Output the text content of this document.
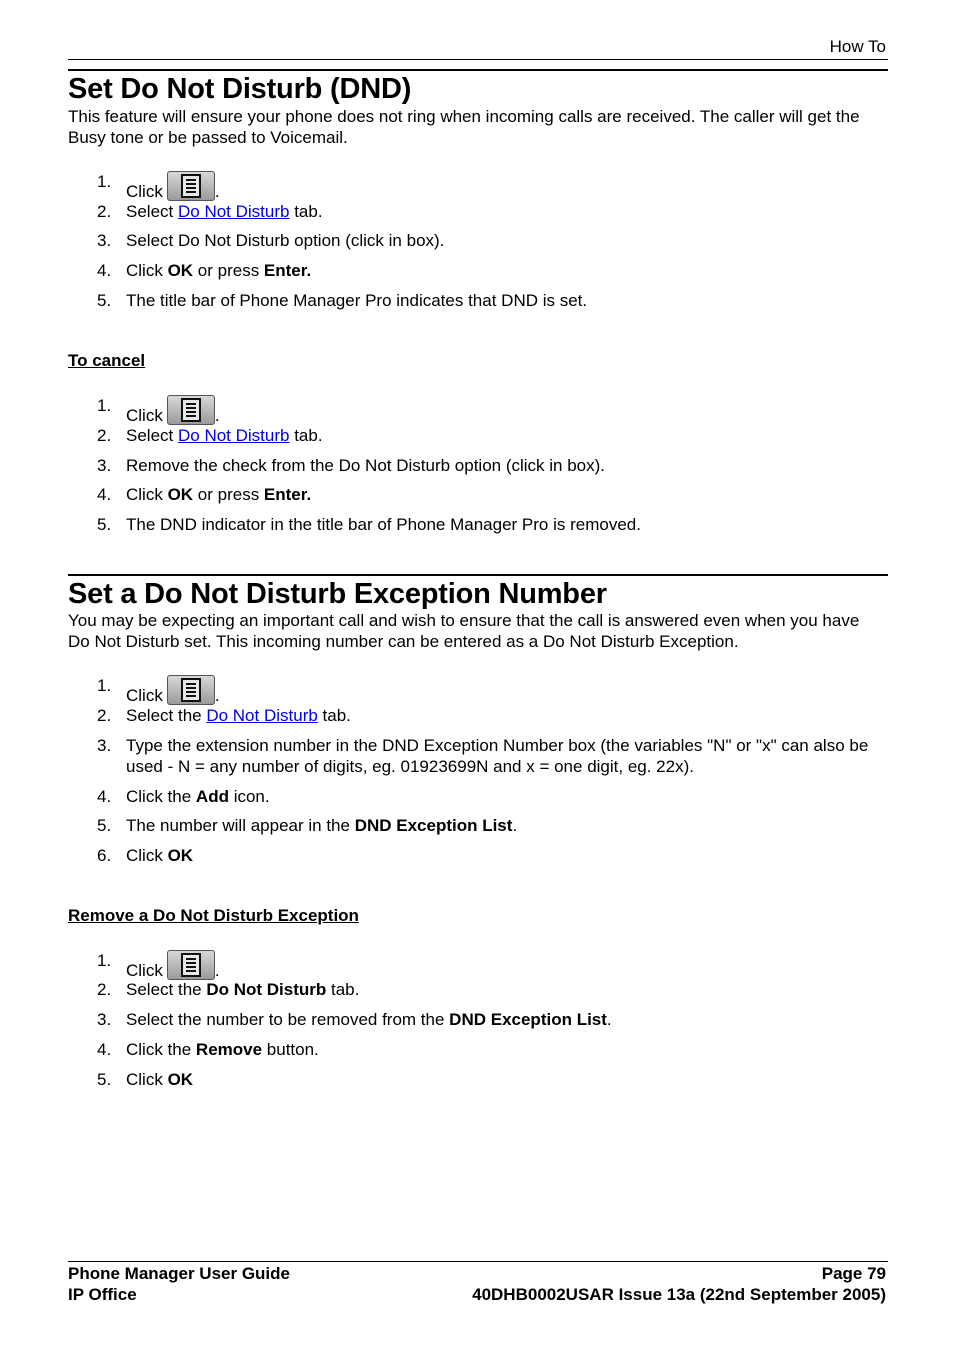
How To
Set Do Not Disturb (DND)

This feature will ensure your phone does not ring when incoming calls are received. The caller will get the Busy tone or be passed to Voicemail.

1.
Click	.
2. Select Do Not Disturb tab.
3. Select Do Not Disturb option (click in box).
4. Click OK or press Enter.
5. The title bar of Phone Manager Pro indicates that DND is set.
To cancel
1.
Click	.
2. Select Do Not Disturb tab.
3. Remove the check from the Do Not Disturb option (click in box).
4. Click OK or press Enter.
5. The DND indicator in the title bar of Phone Manager Pro is removed.
Set a Do Not Disturb Exception Number

You may be expecting an important call and wish to ensure that the call is answered even when you have Do Not Disturb set. This incoming number can be entered as a Do Not Disturb Exception.

1.
Click	.
2. Select the Do Not Disturb tab.
3. Type the extension number in the DND Exception Number box (the variables "N" or "x" can also be used - N = any number of digits, eg. 01923699N and x = one digit, eg. 22x).
4. Click the Add icon.
5. The number will appear in the DND Exception List.
6. Click OK
Remove a Do Not Disturb Exception
1.
Click	.
2. Select the Do Not Disturb tab.
3. Select the number to be removed from the DND Exception List.
4. Click the Remove button.
5. Click OK
Phone Manager User Guide
IP Office
Page 79
40DHB0002USAR Issue 13a (22nd September 2005)
